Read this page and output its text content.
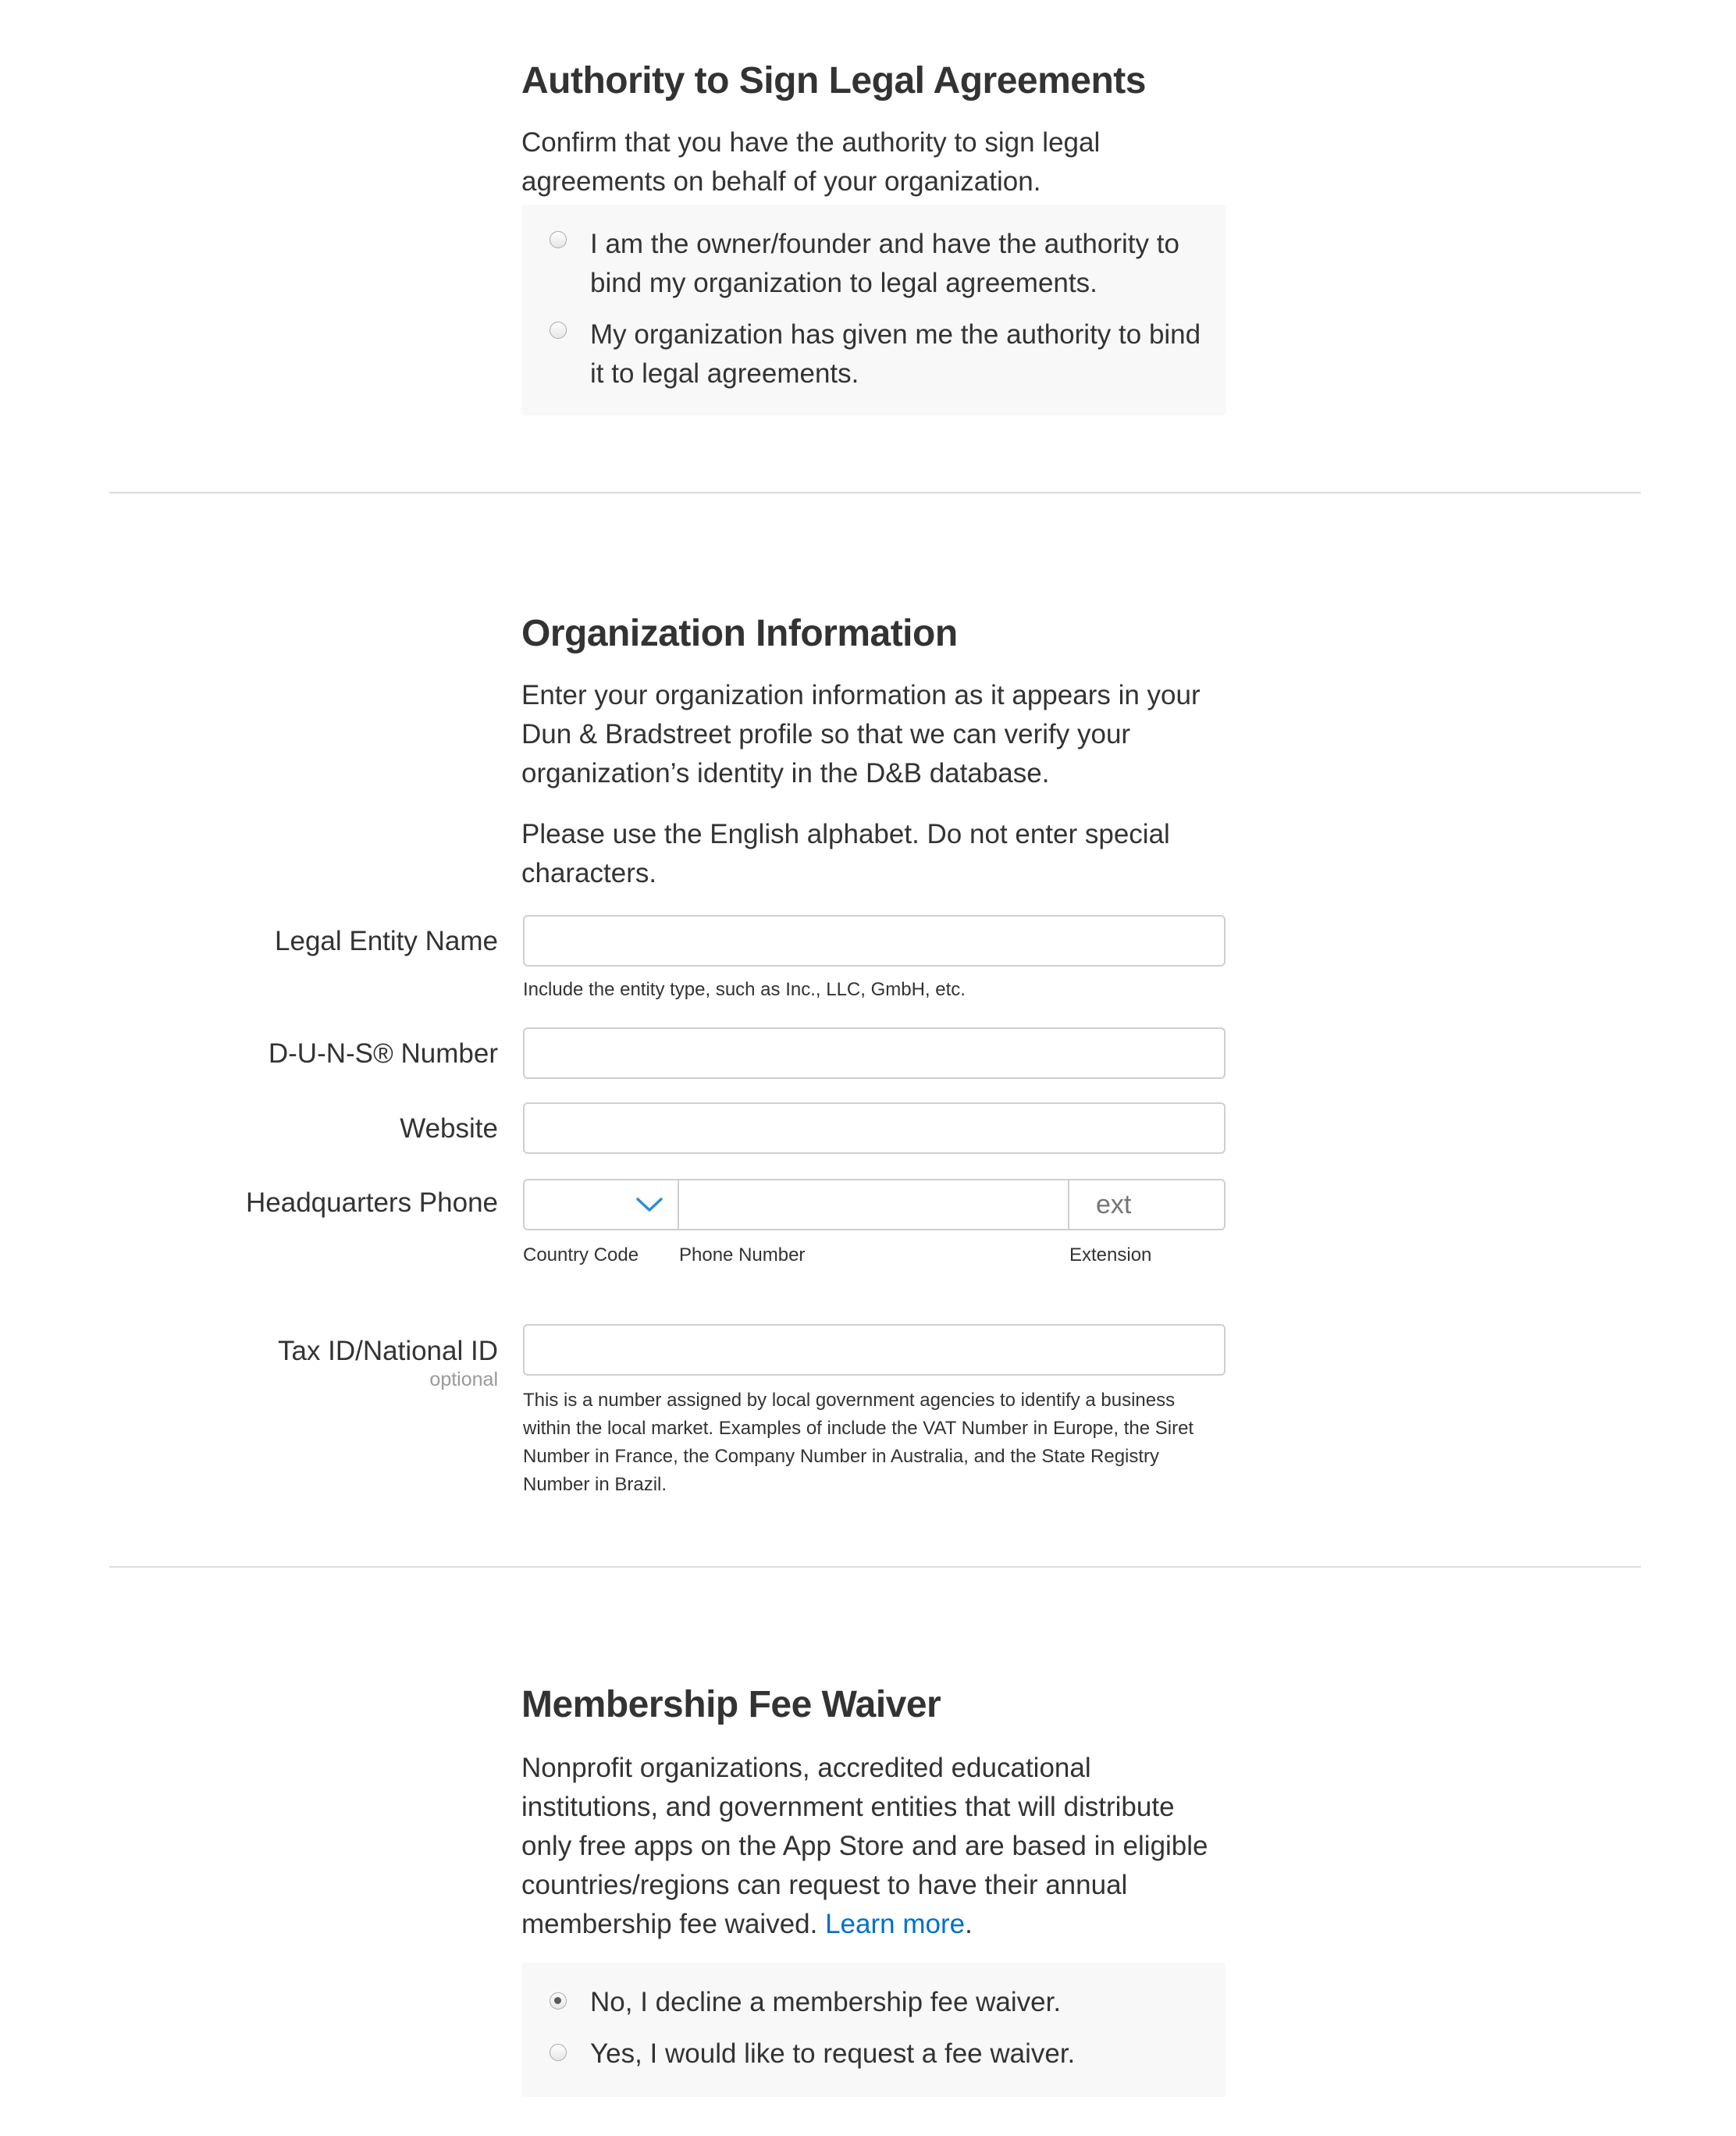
Authority to Sign Legal Agreements

Confirm that you have the authority to sign legal agreements on behalf of your organization.

I am the owner/founder and have the authority to bind my organization to legal agreements.
My organization has given me the authority to bind it to legal agreements.
Organization Information

Enter your organization information as it appears in your Dun & Bradstreet profile so that we can verify your organization’s identity in the D&B database.

Please use the English alphabet. Do not enter special characters.

Legal Entity Name
Include the entity type, such as Inc., LLC, GmbH, etc.
D-U-N-S® Number
Website
Headquarters Phone
ext
Country Code Phone Number	Extension
Tax ID/National ID
optional
This is a number assigned by local government agencies to identify a business within the local market. Examples of include the VAT Number in Europe, the Siret Number in France, the Company Number in Australia, and the State Registry Number in Brazil.
Membership Fee Waiver

Nonprofit organizations, accredited educational institutions, and government entities that will distribute only free apps on the App Store and are based in eligible countries/regions can request to have their annual membership fee waived. Learn more.

No, I decline a membership fee waiver.
Yes, I would like to request a fee waiver.
